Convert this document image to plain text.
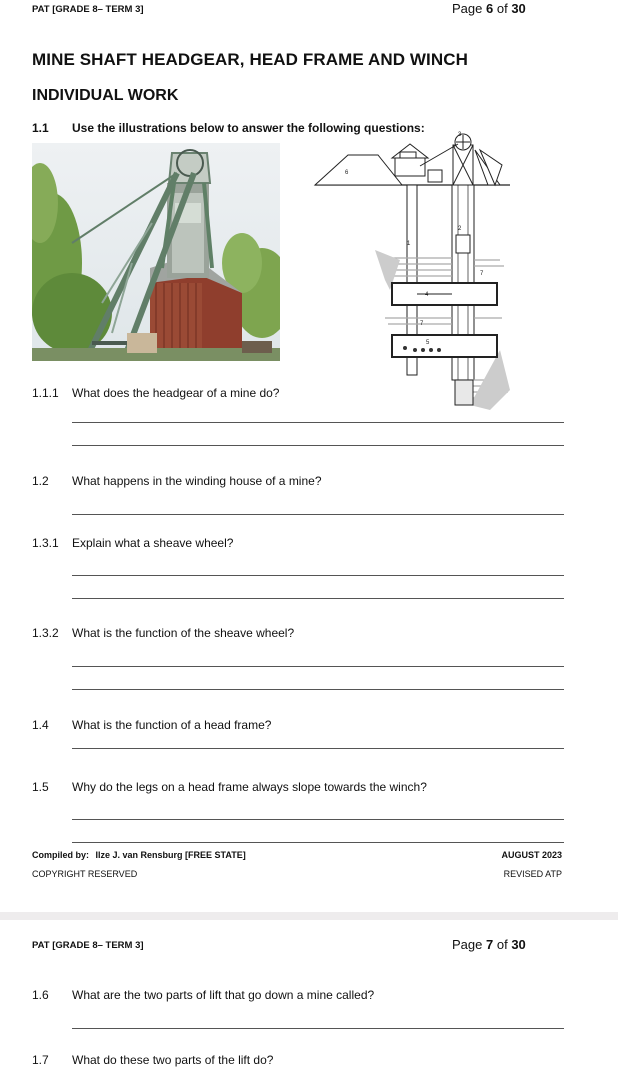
PAT [GRADE 8– TERM 3]	Page 6 of 30
MINE SHAFT HEADGEAR, HEAD FRAME AND WINCH
INDIVIDUAL WORK
1.1 Use the illustrations below to answer the following questions:
6
3
2
1
4
7
5
7
1.1.1 What does the headgear of a mine do?
1.2 What happens in the winding house of a mine?
1.3.1 Explain what a sheave wheel?
1.3.2 What is the function of the sheave wheel?
1.4 What is the function of a head frame?
1.5 Why do the legs on a head frame always slope towards the winch?
Compiled by: Ilze J. van Rensburg [FREE STATE]	AUGUST 2023
COPYRIGHT RESERVED	REVISED ATP
PAT [GRADE 8– TERM 3]	Page 7 of 30
1.6 What are the two parts of lift that go down a mine called?
1.7 What do these two parts of the lift do?
